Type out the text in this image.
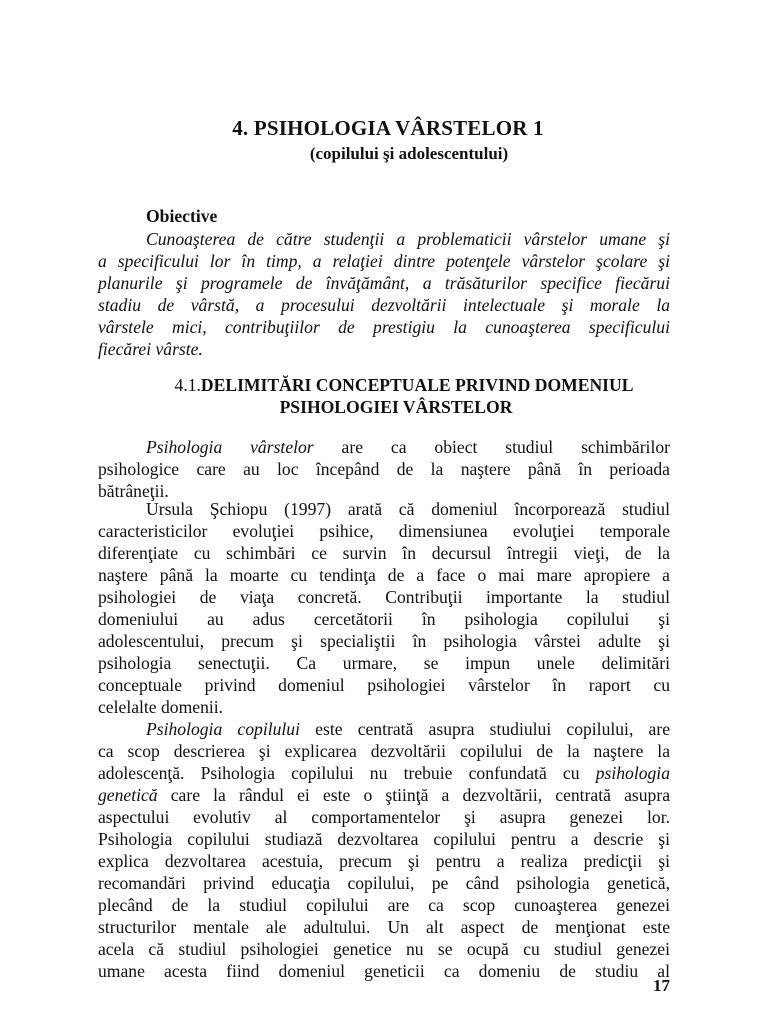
4. PSIHOLOGIA VÂRSTELOR 1
(copilului şi adolescentului)
Obiective
Cunoaşterea de către studenţii a problematicii vârstelor umane şi
a specificului lor în timp, a relaţiei dintre potenţele vârstelor şcolare şi
planurile şi programele de învăţământ, a trăsăturilor specifice fiecărui
stadiu de vârstă, a procesului dezvoltării intelectuale şi morale la
vârstele mici, contribuţiilor de prestigiu la cunoaşterea specificului
fiecărei vârste.
4.1.DELIMITĂRI CONCEPTUALE PRIVIND DOMENIUL
PSIHOLOGIEI VÂRSTELOR
Psihologia vârstelor are ca obiect studiul schimbărilor
psihologice care au loc începând de la naştere până în perioada
bătrâneţii.
Ursula Şchiopu (1997) arată că domeniul încorporează studiul
caracteristicilor evoluţiei psihice, dimensiunea evoluţiei temporale
diferenţiate cu schimbări ce survin în decursul întregii vieţi, de la
naştere până la moarte cu tendinţa de a face o mai mare apropiere a
psihologiei de viaţa concretă. Contribuţii importante la studiul
domeniului au adus cercetătorii în psihologia copilului şi
adolescentului, precum şi specialiştii în psihologia vârstei adulte şi
psihologia senectuţii. Ca urmare, se impun unele delimitări
conceptuale privind domeniul psihologiei vârstelor în raport cu
celelalte domenii.
Psihologia copilului este centrată asupra studiului copilului, are
ca scop descrierea şi explicarea dezvoltării copilului de la naştere la
adolescenţă. Psihologia copilului nu trebuie confundată cu psihologia
genetică care la rândul ei este o ştiinţă a dezvoltării, centrată asupra
aspectului evolutiv al comportamentelor şi asupra genezei lor.
Psihologia copilului studiază dezvoltarea copilului pentru a descrie şi
explica dezvoltarea acestuia, precum şi pentru a realiza predicţii şi
recomandări privind educaţia copilului, pe când psihologia genetică,
plecând de la studiul copilului are ca scop cunoaşterea genezei
structurilor mentale ale adultului. Un alt aspect de menţionat este
acela că studiul psihologiei genetice nu se ocupă cu studiul genezei
umane acesta fiind domeniul geneticii ca domeniu de studiu al
17
